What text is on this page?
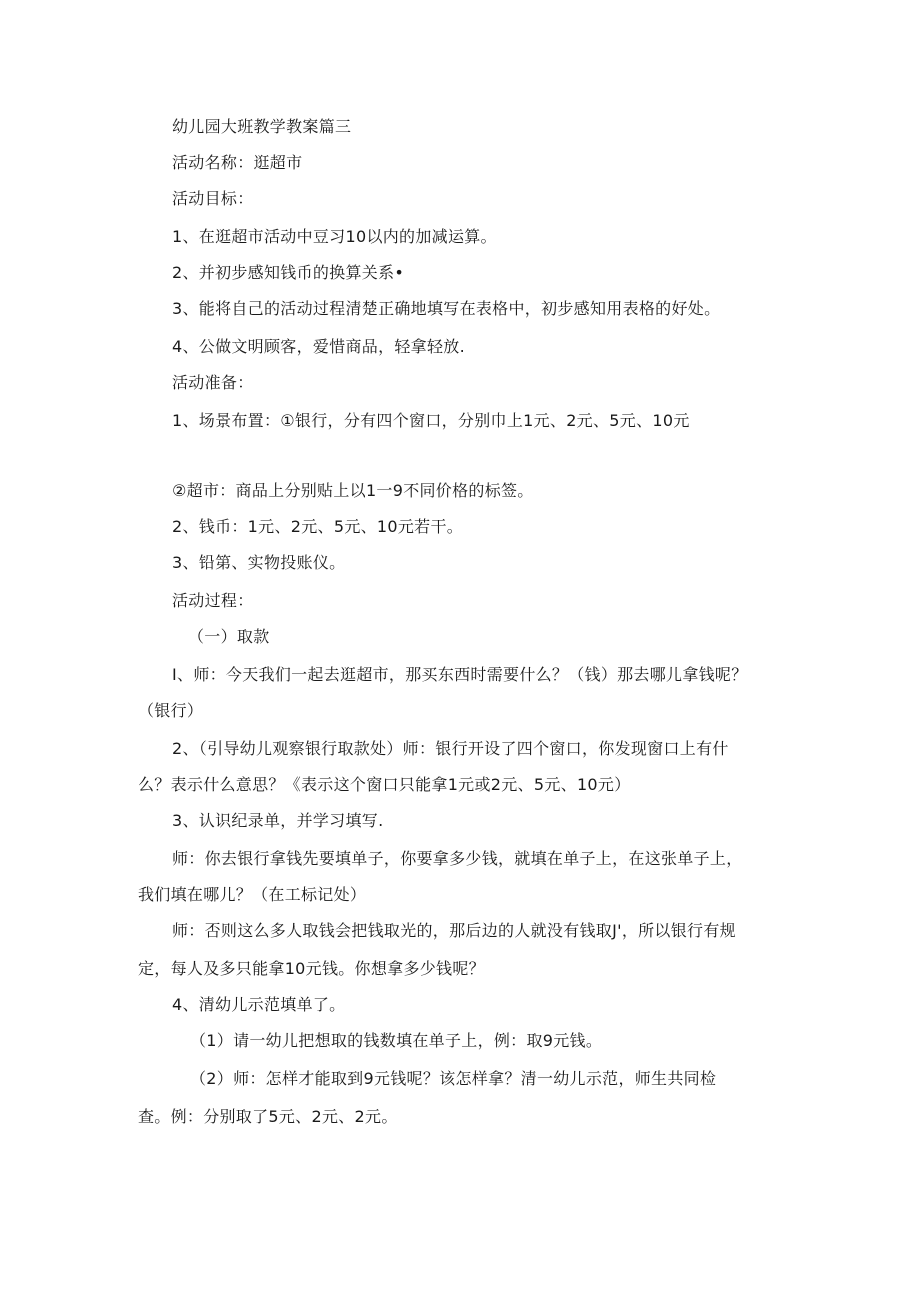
幼儿园大班教学教案篇三
活动名称：逛超市
活动目标：
1、在逛超市活动中豆习10以内的加减运算。
2、并初步感知钱币的换算关系•
3、能将自己的活动过程清楚正确地填写在表格中，初步感知用表格的好处。
4、公做文明顾客，爱惜商品，轻拿轻放.
活动准备：
1、场景布置：①银行，分有四个窗口，分别巾上1元、2元、5元、10元
②超市：商品上分别贴上以1一9不同价格的标签。
2、钱币：1元、2元、5元、10元若干。
3、铅第、实物投账仪。
活动过程：
（一）取款
I、师：今天我们一起去逛超市，那买东西时需要什么？（钱）那去哪儿拿钱呢？
（银行）
2、（引导幼儿观察银行取款处）师：银行开设了四个窗口，你发现窗口上有什
么？表示什么意思？《表示这个窗口只能拿1元或2元、5元、10元）
3、认识纪录单，并学习填写.
师：你去银行拿钱先要填单子，你要拿多少钱，就填在单子上，在这张单子上，
我们填在哪儿？（在工标记处）
师：否则这么多人取钱会把钱取光的，那后边的人就没有钱取J'，所以银行有规
定，每人及多只能拿10元钱。你想拿多少钱呢？
4、清幼儿示范填单了。
（1）请一幼儿把想取的钱数填在单子上，例：取9元钱。
（2）师：怎样才能取到9元钱呢？该怎样拿？清一幼儿示范，师生共同检
查。例：分别取了5元、2元、2元。
